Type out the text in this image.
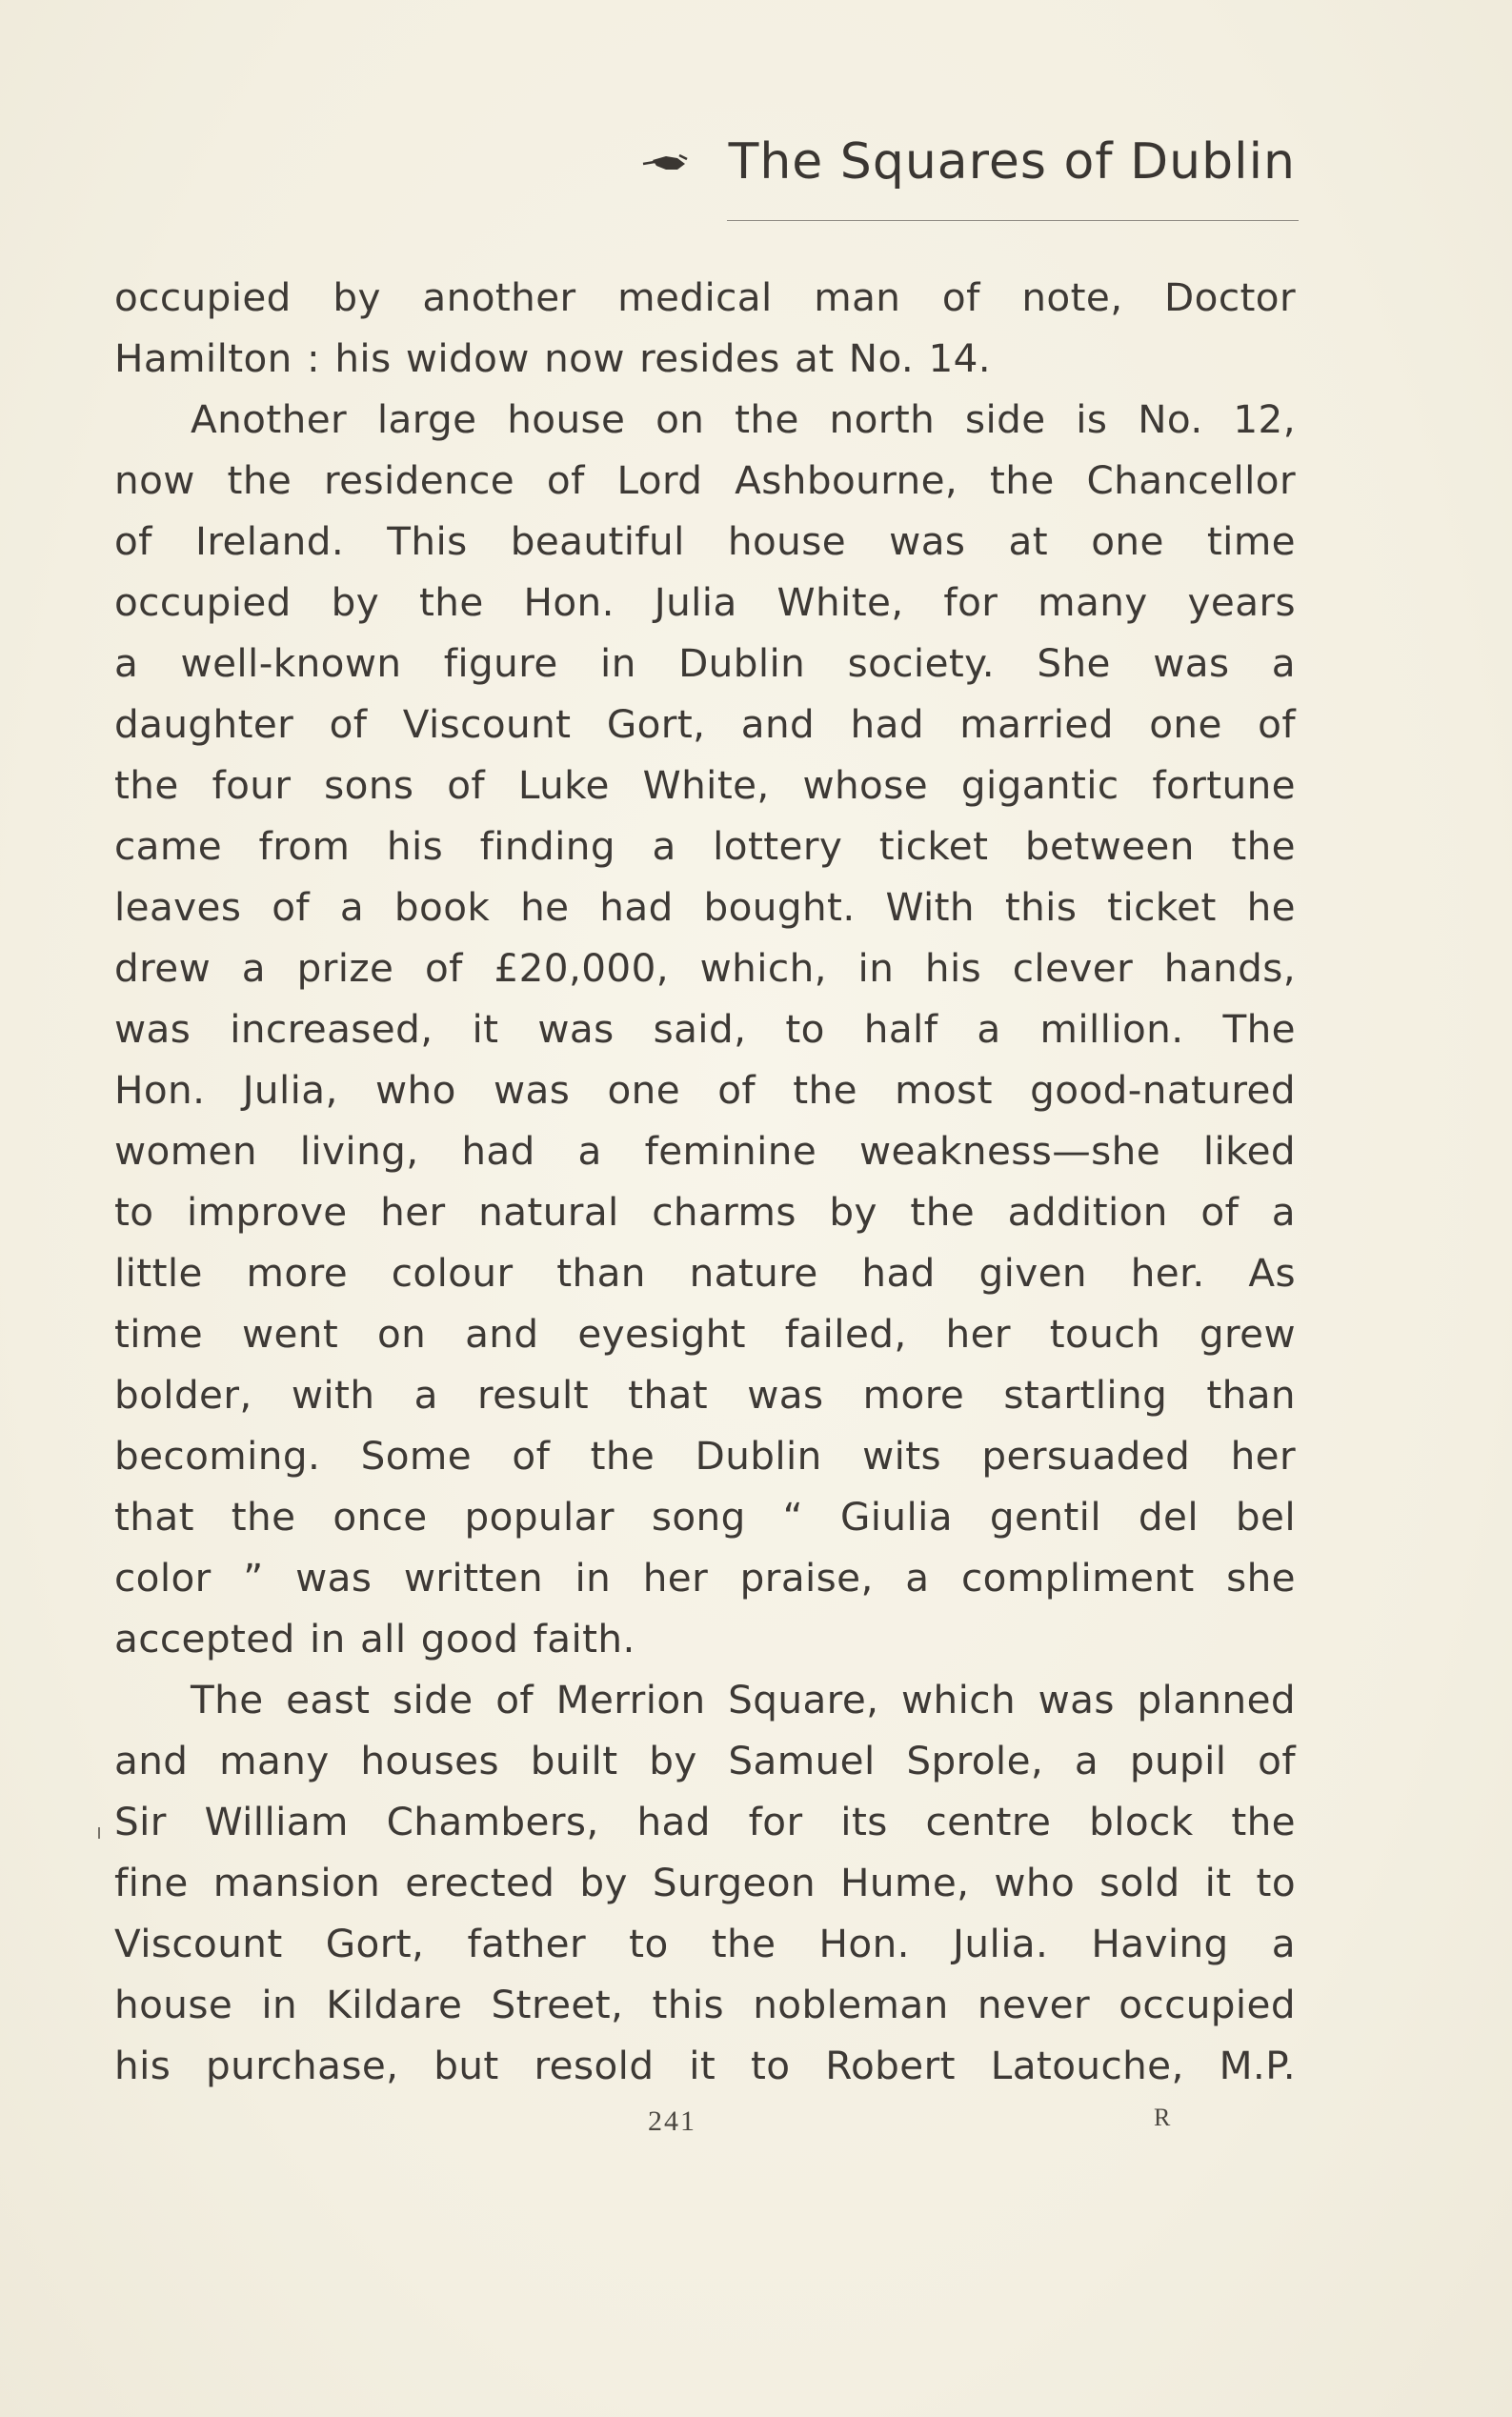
The Squares of Dublin
occupied by another medical man of note, Doctor
Hamilton : his widow now resides at No. 14.
Another large house on the north side is No. 12,
now the residence of Lord Ashbourne, the Chancellor
of Ireland. This beautiful house was at one time
occupied by the Hon. Julia White, for many years
a well-known figure in Dublin society. She was a
daughter of Viscount Gort, and had married one of
the four sons of Luke White, whose gigantic fortune
came from his finding a lottery ticket between the
leaves of a book he had bought. With this ticket he
drew a prize of £20,000, which, in his clever hands,
was increased, it was said, to half a million. The
Hon. Julia, who was one of the most good-natured
women living, had a feminine weakness—she liked
to improve her natural charms by the addition of a
little more colour than nature had given her. As
time went on and eyesight failed, her touch grew
bolder, with a result that was more startling than
becoming. Some of the Dublin wits persuaded her
that the once popular song “ Giulia gentil del bel
color ” was written in her praise, a compliment she
accepted in all good faith.
The east side of Merrion Square, which was planned
and many houses built by Samuel Sprole, a pupil of
Sir William Chambers, had for its centre block the
fine mansion erected by Surgeon Hume, who sold it to
Viscount Gort, father to the Hon. Julia. Having a
house in Kildare Street, this nobleman never occupied
his purchase, but resold it to Robert Latouche, M.P.
241	R
